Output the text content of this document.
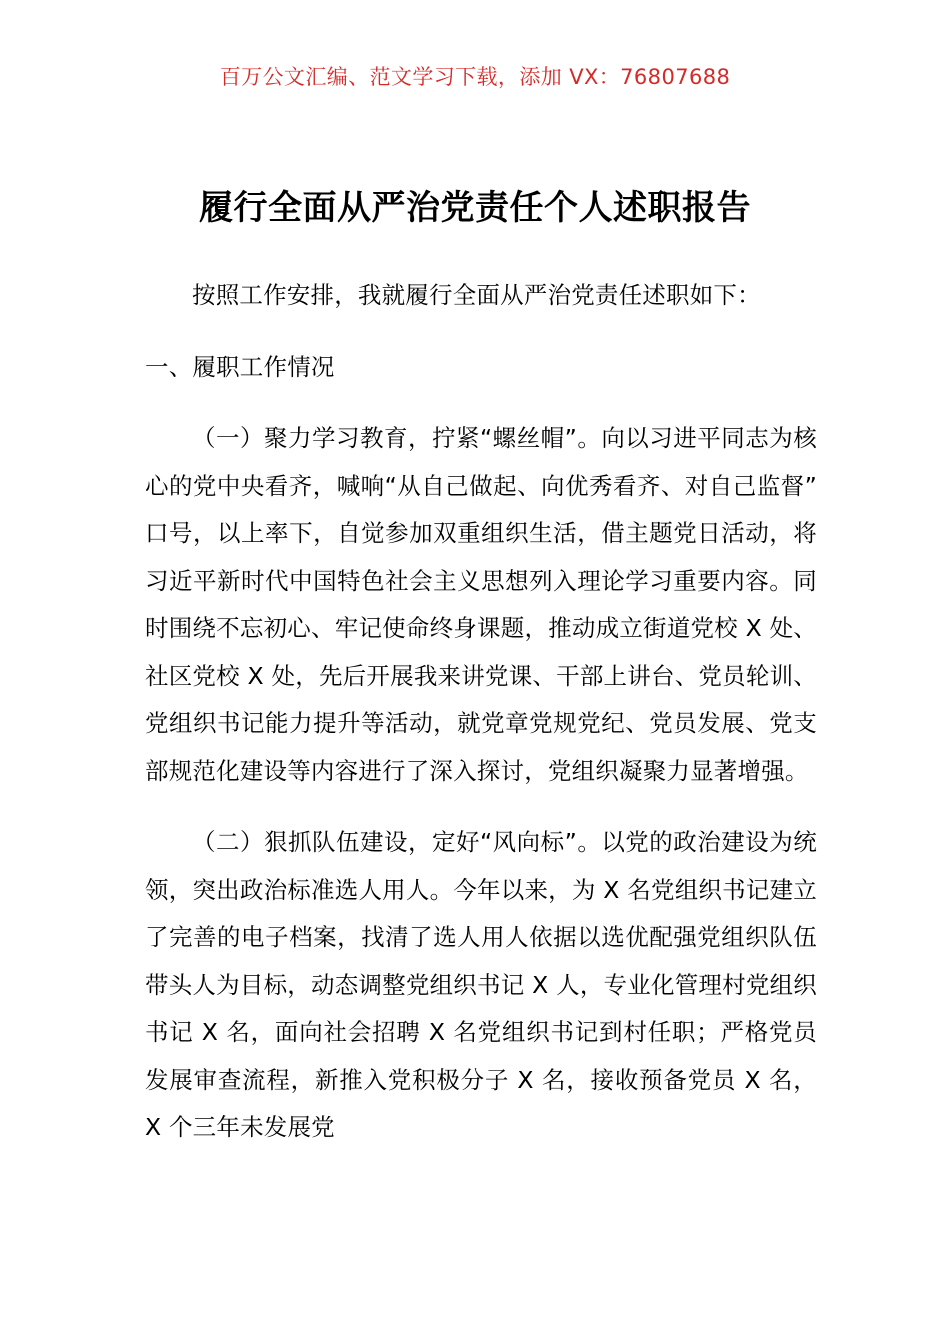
百万公文汇编、范文学习下载，添加 VX：76807688
履行全面从严治党责任个人述职报告

按照工作安排，我就履行全面从严治党责任述职如下：

一、履职工作情况

（一）聚力学习教育，拧紧“螺丝帽”。向以习进平同志为核心的党中央看齐，喊响“从自己做起、向优秀看齐、对自己监督”口号，以上率下，自觉参加双重组织生活，借主题党日活动，将习近平新时代中国特色社会主义思想列入理论学习重要内容。同时围绕不忘初心、牢记使命终身课题，推动成立街道党校 X 处、社区党校 X 处，先后开展我来讲党课、干部上讲台、党员轮训、党组织书记能力提升等活动，就党章党规党纪、党员发展、党支部规范化建设等内容进行了深入探讨，党组织凝聚力显著增强。

（二）狠抓队伍建设，定好“风向标”。以党的政治建设为统领，突出政治标准选人用人。今年以来，为 X 名党组织书记建立了完善的电子档案，找清了选人用人依据以选优配强党组织队伍带头人为目标，动态调整党组织书记 X 人，专业化管理村党组织书记 X 名，面向社会招聘 X 名党组织书记到村任职；严格党员发展审查流程，新推入党积极分子 X 名，接收预备党员 X 名，X 个三年未发展党
